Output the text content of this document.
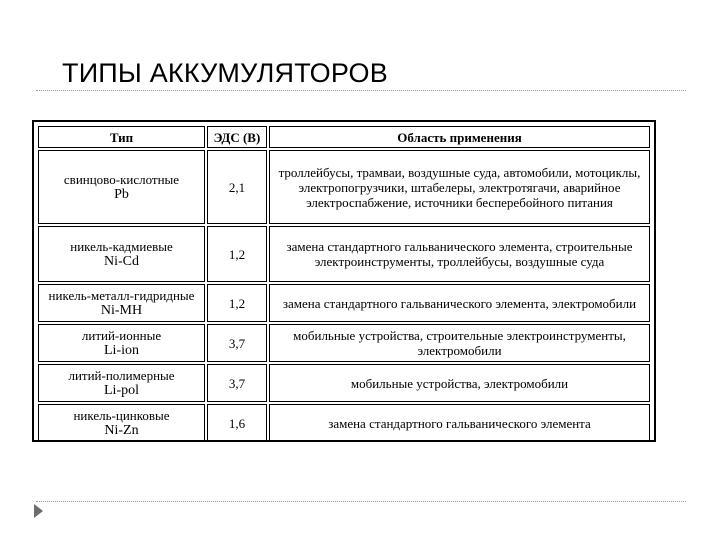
ТИПЫ АККУМУЛЯТОРОВ
Тип	ЭДС (В)	Область применения

свинцово-кислотные
Pb	2,1	троллейбусы, трамваи, воздушные суда, автомобили, мотоциклы, электропогрузчики, штабелеры, электротягачи, аварийное электроспабжение, источники бесперебойного питания

никель-кадмиевые
Ni-Cd	1,2	замена стандартного гальванического элемента, строительные электроинструменты, троллейбусы, воздушные суда

никель-металл-гидридные
Ni-MH	1,2	замена стандартного гальванического элемента, электромобили

литий-ионные
Li-ion	3,7	мобильные устройства, строительные электроинструменты, электромобили

литий-полимерные
Li-pol	3,7	мобильные устройства, электромобили

никель-цинковые
Ni-Zn	1,6	замена стандартного гальванического элемента
